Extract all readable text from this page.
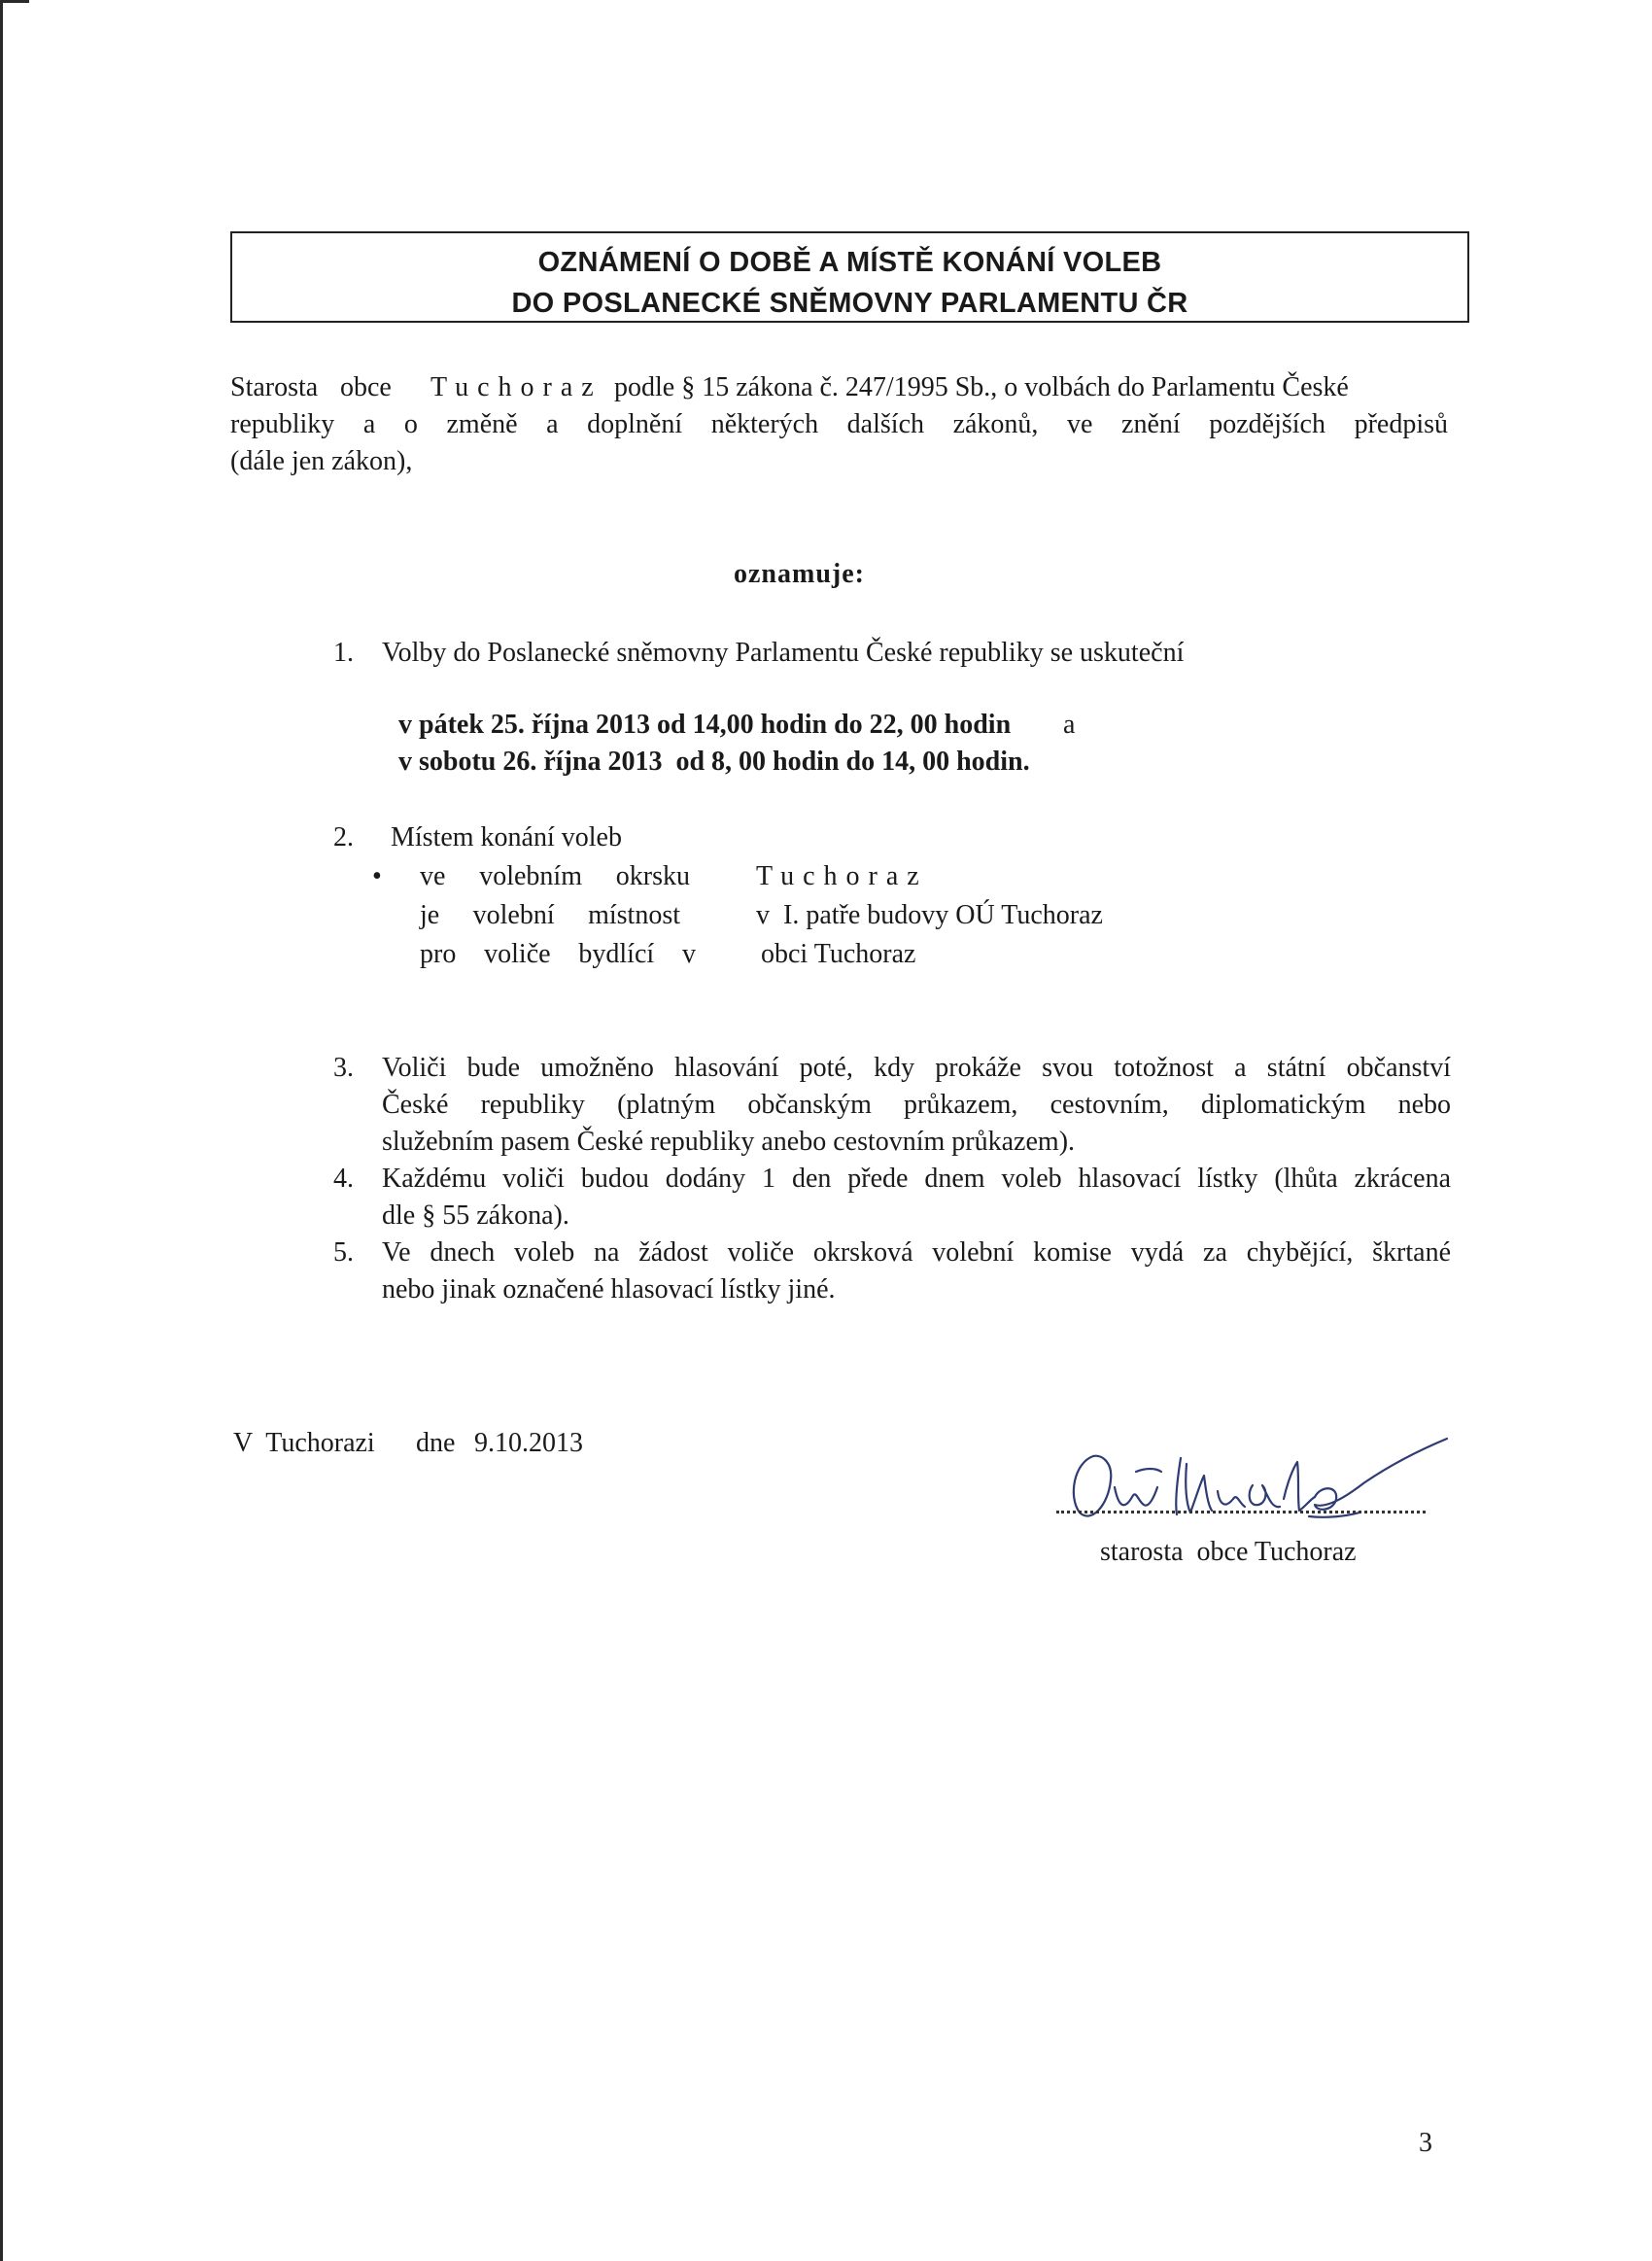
OZNÁMENÍ O DOBĚ A MÍSTĚ KONÁNÍ VOLEB
DO POSLANECKÉ SNĚMOVNY PARLAMENTU ČR
Starosta obce Tuchoraz podle § 15 zákona č. 247/1995 Sb., o volbách do Parlamentu České
republiky a o změně a doplnění některých dalších zákonů, ve znění pozdějších předpisů
(dále jen zákon),
oznamuje:
1. Volby do Poslanecké sněmovny Parlamentu České republiky se uskuteční
v pátek 25. října 2013 od 14,00 hodin do 22, 00 hodin a
v sobotu 26. října 2013  od 8, 00 hodin do 14, 00 hodin.
2. Místem konání voleb
• ve volebním okrsku Tuchoraz
je volební místnost	v  I. patře budovy OÚ Tuchoraz
pro voliče bydlící v obci Tuchoraz
3. Voliči bude umožněno hlasování poté, kdy prokáže svou totožnost a státní občanství
České republiky (platným občanským průkazem, cestovním, diplomatickým nebo
služebním pasem České republiky anebo cestovním průkazem).
4. Každému voliči budou dodány 1 den přede dnem voleb hlasovací lístky (lhůta zkrácena
dle § 55 zákona).
5. Ve dnech voleb na žádost voliče okrsková volební komise vydá za chybějící, škrtané
nebo jinak označené hlasovací lístky jiné.
V  Tuchorazi dne 9.10.2013
starosta  obce Tuchoraz
3
